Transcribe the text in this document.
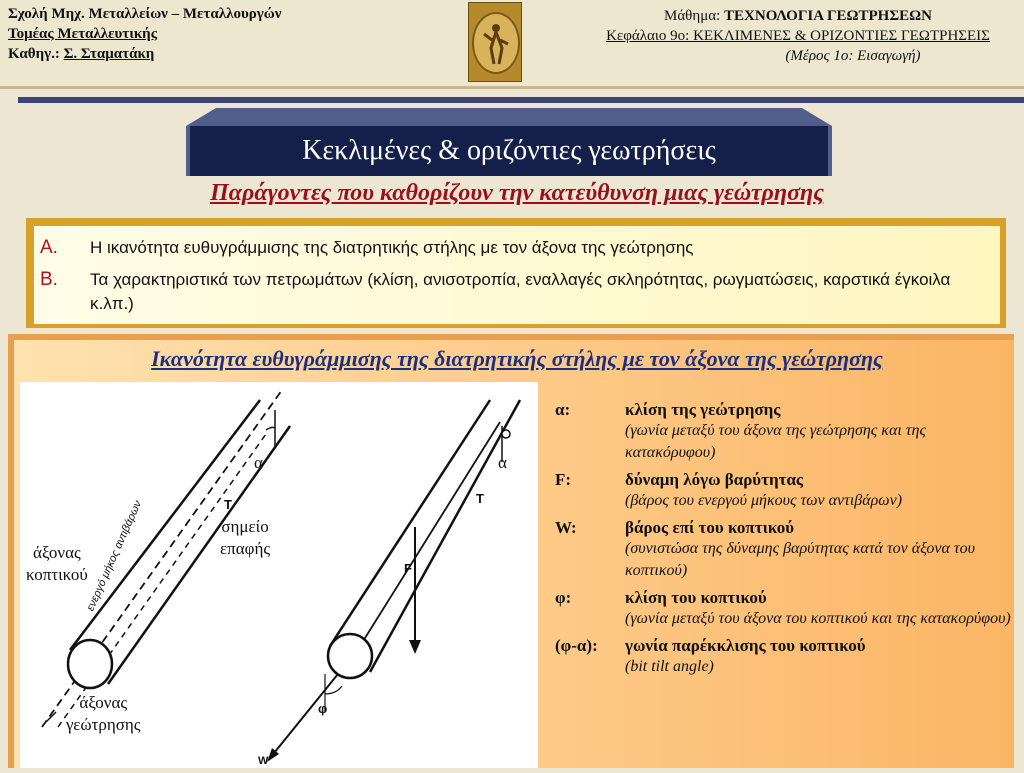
Σχολή Μηχ. Μεταλλείων – Μεταλλουργών
Τομέας Μεταλλευτικής
Καθηγ.: Σ. Σταματάκη
Μάθημα: ΤΕΧΝΟΛΟΓΙΑ ΓΕΩΤΡΗΣΕΩΝ
Κεφάλαιο 9ο: ΚΕΚΛΙΜΕΝΕΣ & ΟΡΙΖΟΝΤΙΕΣ ΓΕΩΤΡΗΣΕΙΣ
(Μέρος 1ο: Εισαγωγή)
Κεκλιμένες & οριζόντιες γεωτρήσεις
Παράγοντες που καθορίζουν την κατεύθυνση μιας γεώτρησης
A. Η ικανότητα ευθυγράμμισης της διατρητικής στήλης με τον άξονα της γεώτρησης
B. Τα χαρακτηριστικά των πετρωμάτων (κλίση, ανισοτροπία, εναλλαγές σκληρότητας, ρωγματώσεις, καρστικά έγκοιλα κ.λπ.)
Ικανότητα ευθυγράμμισης της διατρητικής στήλης με τον άξονα της γεώτρησης
α	α
σημείο
επαφής
άξονας
κοπτικού
άξονας
γεώτρησης
ενεργό μήκος αντιβάρων	T	T
F
φ
W
α:	κλίση της γεώτρησης
(γωνία μεταξύ του άξονα της γεώτρησης και της κατακόρυφου)
F:	δύναμη λόγω βαρύτητας
(βάρος του ενεργού μήκους των αντιβάρων)
W:	βάρος επί του κοπτικού
(συνιστώσα της δύναμης βαρύτητας κατά τον άξονα του κοπτικού)
φ:	κλίση του κοπτικού
(γωνία μεταξύ του άξονα του κοπτικού και της κατακορύφου)
(φ-α):	γωνία παρέκκλισης του κοπτικού
(bit tilt angle)
